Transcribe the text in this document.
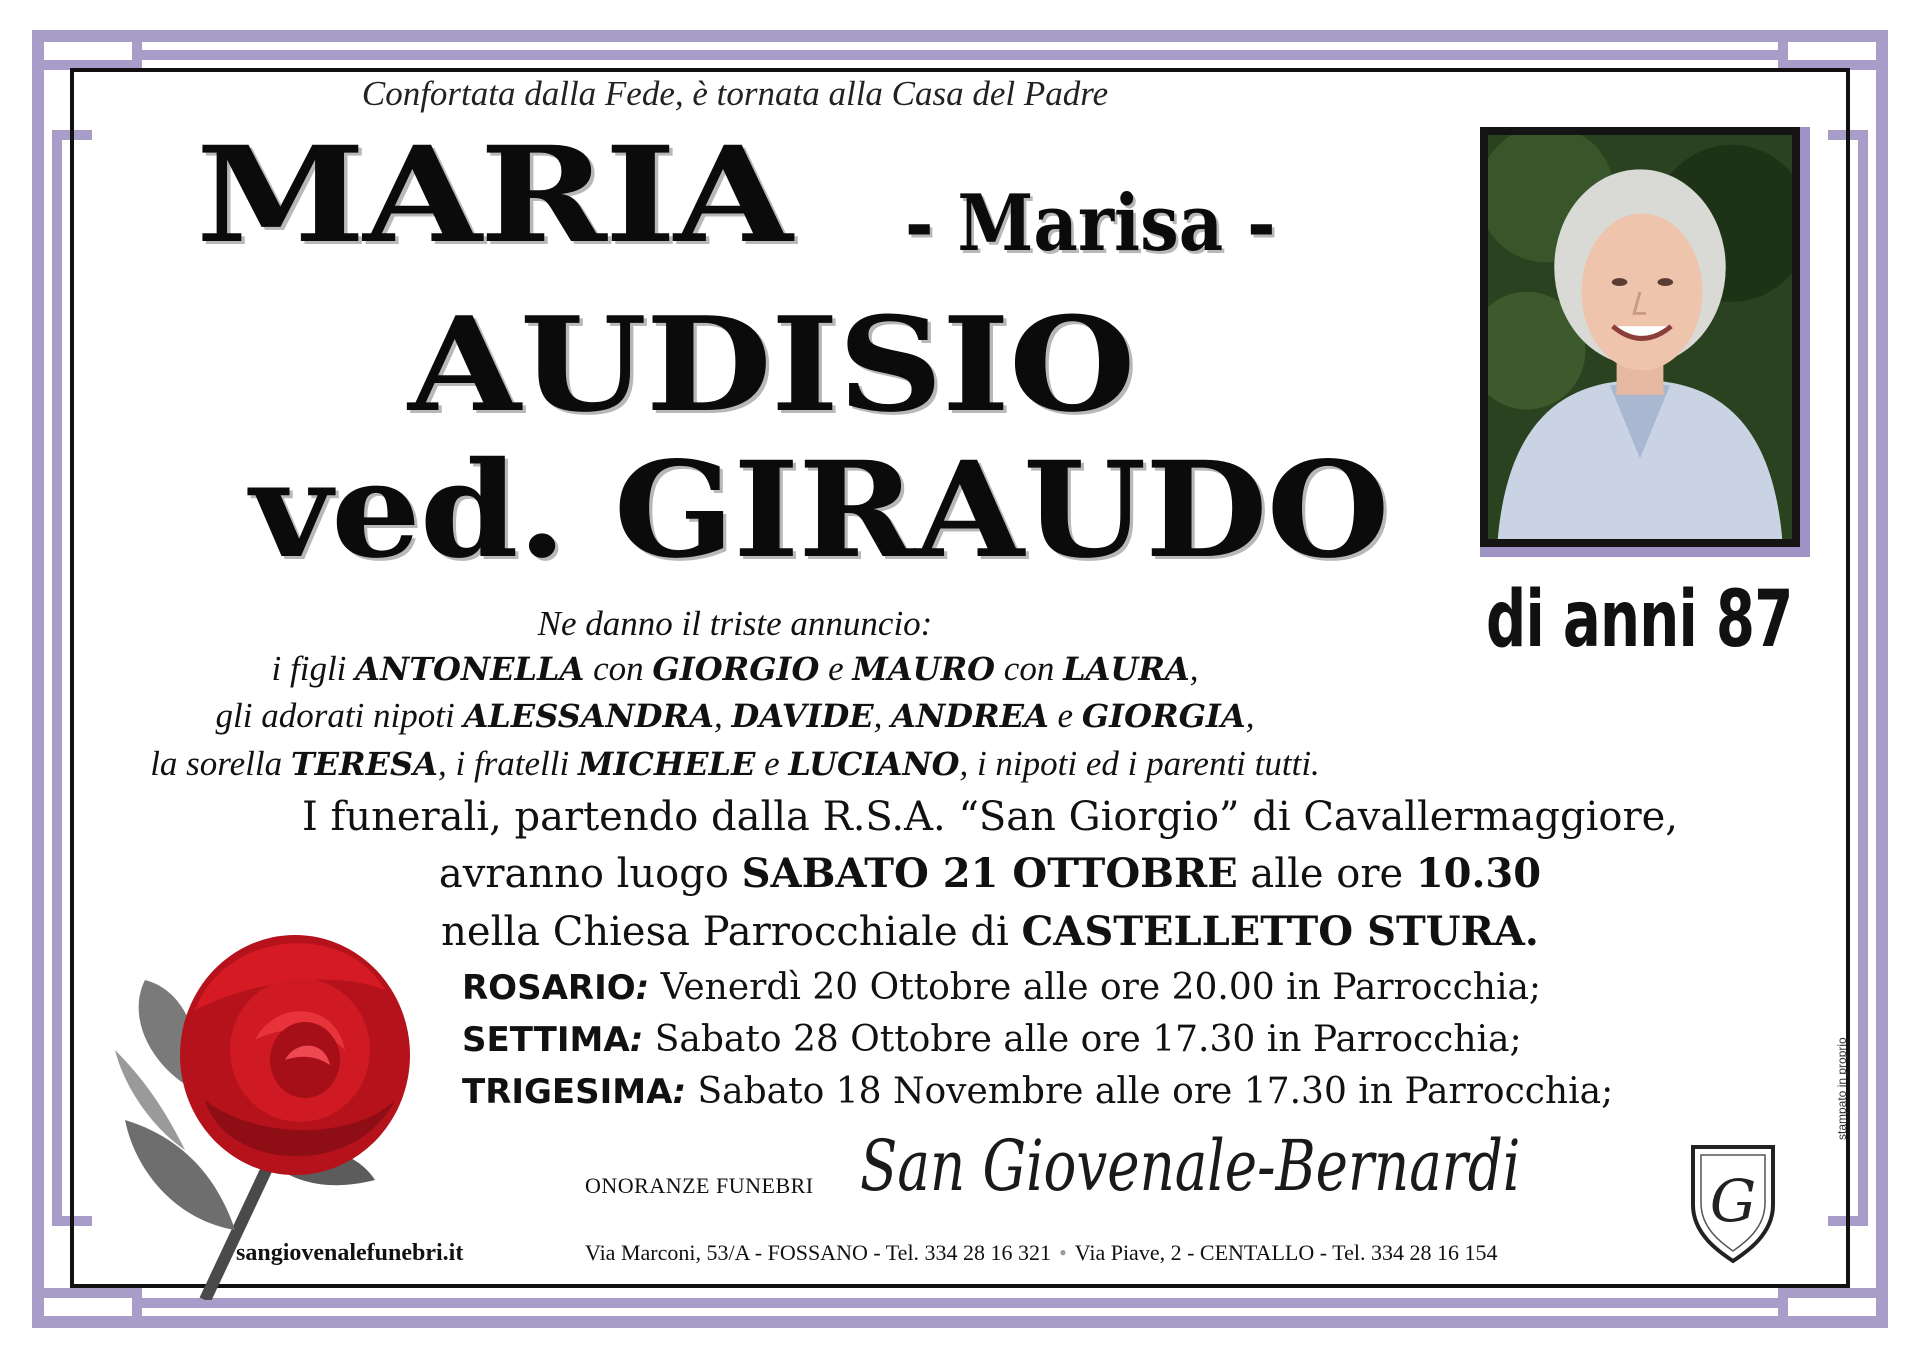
Confortata dalla Fede, è tornata alla Casa del Padre
MARIA - Marisa -
AUDISIO
ved. GIRAUDO
di anni 87
Ne danno il triste annuncio:
i figli ANTONELLA con GIORGIO e MAURO con LAURA,
gli adorati nipoti ALESSANDRA, DAVIDE, ANDREA e GIORGIA,
la sorella TERESA, i fratelli MICHELE e LUCIANO, i nipoti ed i parenti tutti.
I funerali, partendo dalla R.S.A. “San Giorgio” di Cavallermaggiore,
avranno luogo SABATO 21 OTTOBRE alle ore 10.30
nella Chiesa Parrocchiale di CASTELLETTO STURA.
ROSARIO: Venerdì 20 Ottobre alle ore 20.00 in Parrocchia;
SETTIMA: Sabato 28 Ottobre alle ore 17.30 in Parrocchia;
TRIGESIMA: Sabato 18 Novembre alle ore 17.30 in Parrocchia;
sangiovenalefunebri.it
ONORANZE FUNEBRI San Giovenale-Bernardi	G
Via Marconi, 53/A - FOSSANO - Tel. 334 28 16 321 • Via Piave, 2 - CENTALLO - Tel. 334 28 16 154
stampato in proprio
